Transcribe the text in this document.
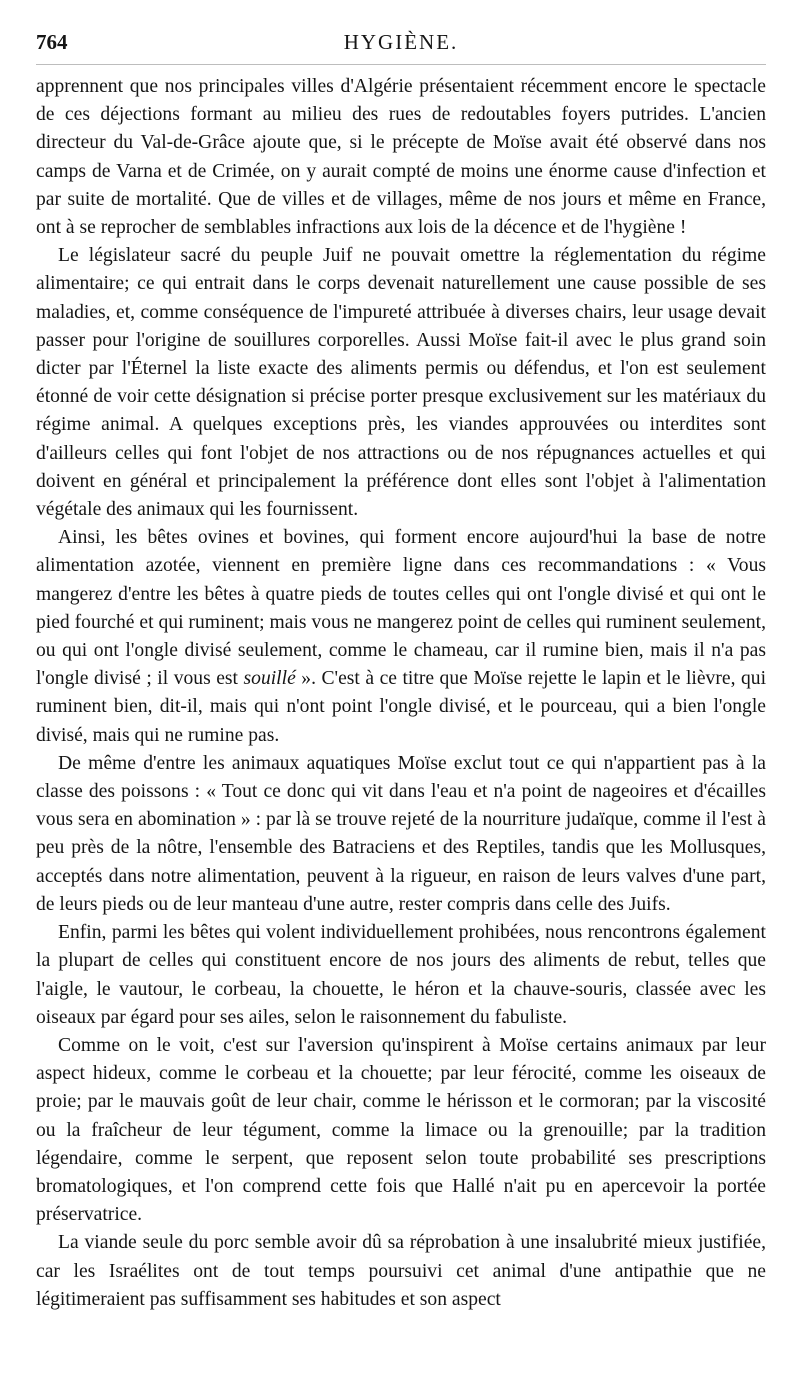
764	HYGIÈNE.

apprennent que nos principales villes d'Algérie présentaient récemment encore le spectacle de ces déjections formant au milieu des rues de redoutables foyers putrides. L'ancien directeur du Val-de-Grâce ajoute que, si le précepte de Moïse avait été observé dans nos camps de Varna et de Crimée, on y aurait compté de moins une énorme cause d'infection et par suite de mortalité. Que de villes et de villages, même de nos jours et même en France, ont à se reprocher de semblables infractions aux lois de la décence et de l'hygiène !

Le législateur sacré du peuple Juif ne pouvait omettre la réglementation du régime alimentaire; ce qui entrait dans le corps devenait naturellement une cause possible de ses maladies, et, comme conséquence de l'impureté attribuée à diverses chairs, leur usage devait passer pour l'origine de souillures corporelles. Aussi Moïse fait-il avec le plus grand soin dicter par l'Éternel la liste exacte des aliments permis ou défendus, et l'on est seulement étonné de voir cette désignation si précise porter presque exclusivement sur les matériaux du régime animal. A quelques exceptions près, les viandes approuvées ou interdites sont d'ailleurs celles qui font l'objet de nos attractions ou de nos répugnances actuelles et qui doivent en général et principalement la préférence dont elles sont l'objet à l'alimentation végétale des animaux qui les fournissent.

Ainsi, les bêtes ovines et bovines, qui forment encore aujourd'hui la base de notre alimentation azotée, viennent en première ligne dans ces recommandations : « Vous mangerez d'entre les bêtes à quatre pieds de toutes celles qui ont l'ongle divisé et qui ont le pied fourché et qui ruminent; mais vous ne mangerez point de celles qui ruminent seulement, ou qui ont l'ongle divisé seulement, comme le chameau, car il rumine bien, mais il n'a pas l'ongle divisé ; il vous est souillé ». C'est à ce titre que Moïse rejette le lapin et le lièvre, qui ruminent bien, dit-il, mais qui n'ont point l'ongle divisé, et le pourceau, qui a bien l'ongle divisé, mais qui ne rumine pas.

De même d'entre les animaux aquatiques Moïse exclut tout ce qui n'appartient pas à la classe des poissons : « Tout ce donc qui vit dans l'eau et n'a point de nageoires et d'écailles vous sera en abomination » : par là se trouve rejeté de la nourriture judaïque, comme il l'est à peu près de la nôtre, l'ensemble des Batraciens et des Reptiles, tandis que les Mollusques, acceptés dans notre alimentation, peuvent à la rigueur, en raison de leurs valves d'une part, de leurs pieds ou de leur manteau d'une autre, rester compris dans celle des Juifs.

Enfin, parmi les bêtes qui volent individuellement prohibées, nous rencontrons également la plupart de celles qui constituent encore de nos jours des aliments de rebut, telles que l'aigle, le vautour, le corbeau, la chouette, le héron et la chauve-souris, classée avec les oiseaux par égard pour ses ailes, selon le raisonnement du fabuliste.

Comme on le voit, c'est sur l'aversion qu'inspirent à Moïse certains animaux par leur aspect hideux, comme le corbeau et la chouette; par leur férocité, comme les oiseaux de proie; par le mauvais goût de leur chair, comme le hérisson et le cormoran; par la viscosité ou la fraîcheur de leur tégument, comme la limace ou la grenouille; par la tradition légendaire, comme le serpent, que reposent selon toute probabilité ses prescriptions bromatologiques, et l'on comprend cette fois que Hallé n'ait pu en apercevoir la portée préservatrice.

La viande seule du porc semble avoir dû sa réprobation à une insalubrité mieux justifiée, car les Israélites ont de tout temps poursuivi cet animal d'une antipathie que ne légitimeraient pas suffisamment ses habitudes et son aspect
